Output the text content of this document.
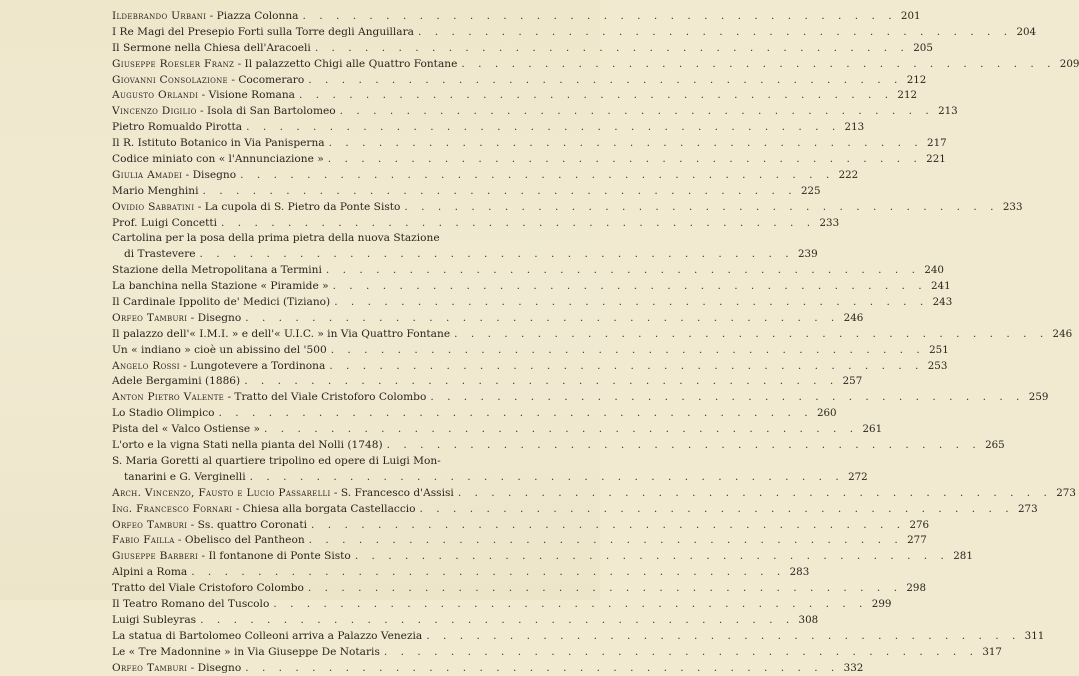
Ildebrando Urbani - Piazza Colonna . . . . . . . . . . . . . . . . . . . . . . . . . . . . . . . . . . . . 201
I Re Magi del Presepio Forti sulla Torre degli Anguillara . . . . . . . . . . . . . . . . . . . . . . . . . . . . . . . . . . . . 204
Il Sermone nella Chiesa dell'Aracoeli . . . . . . . . . . . . . . . . . . . . . . . . . . . . . . . . . . . . 205
Giuseppe Roesler Franz - Il palazzetto Chigi alle Quattro Fontane . . . . . . . . . . . . . . . . . . . . . . . . . . . . . . . . . . . . 209
Giovanni Consolazione - Cocomeraro . . . . . . . . . . . . . . . . . . . . . . . . . . . . . . . . . . . . 212
Augusto Orlandi - Visione Romana . . . . . . . . . . . . . . . . . . . . . . . . . . . . . . . . . . . . 212
Vincenzo Digilio - Isola di San Bartolomeo . . . . . . . . . . . . . . . . . . . . . . . . . . . . . . . . . . . . 213
Pietro Romualdo Pirotta . . . . . . . . . . . . . . . . . . . . . . . . . . . . . . . . . . . . 213
Il R. Istituto Botanico in Via Panisperna . . . . . . . . . . . . . . . . . . . . . . . . . . . . . . . . . . . . 217
Codice miniato con « l'Annunciazione » . . . . . . . . . . . . . . . . . . . . . . . . . . . . . . . . . . . . 221
Giulia Amadei - Disegno . . . . . . . . . . . . . . . . . . . . . . . . . . . . . . . . . . . . 222
Mario Menghini . . . . . . . . . . . . . . . . . . . . . . . . . . . . . . . . . . . . 225
Ovidio Sabbatini - La cupola di S. Pietro da Ponte Sisto . . . . . . . . . . . . . . . . . . . . . . . . . . . . . . . . . . . . 233
Prof. Luigi Concetti . . . . . . . . . . . . . . . . . . . . . . . . . . . . . . . . . . . . 233
Cartolina per la posa della prima pietra della nuova Stazione
di Trastevere . . . . . . . . . . . . . . . . . . . . . . . . . . . . . . . . . . . . 239
Stazione della Metropolitana a Termini . . . . . . . . . . . . . . . . . . . . . . . . . . . . . . . . . . . . 240
La banchina nella Stazione « Piramide » . . . . . . . . . . . . . . . . . . . . . . . . . . . . . . . . . . . . 241
Il Cardinale Ippolito de' Medici (Tiziano) . . . . . . . . . . . . . . . . . . . . . . . . . . . . . . . . . . . . 243
Orfeo Tamburi - Disegno . . . . . . . . . . . . . . . . . . . . . . . . . . . . . . . . . . . . 246
Il palazzo dell'« I.M.I. » e dell'« U.I.C. » in Via Quattro Fontane . . . . . . . . . . . . . . . . . . . . . . . . . . . . . . . . . . . . 246
Un « indiano » cioè un abissino del '500 . . . . . . . . . . . . . . . . . . . . . . . . . . . . . . . . . . . . 251
Angelo Rossi - Lungotevere a Tordinona . . . . . . . . . . . . . . . . . . . . . . . . . . . . . . . . . . . . 253
Adele Bergamini (1886) . . . . . . . . . . . . . . . . . . . . . . . . . . . . . . . . . . . . 257
Anton Pietro Valente - Tratto del Viale Cristoforo Colombo . . . . . . . . . . . . . . . . . . . . . . . . . . . . . . . . . . . . 259
Lo Stadio Olimpico . . . . . . . . . . . . . . . . . . . . . . . . . . . . . . . . . . . . 260
Pista del « Valco Ostiense » . . . . . . . . . . . . . . . . . . . . . . . . . . . . . . . . . . . . 261
L'orto e la vigna Stati nella pianta del Nolli (1748) . . . . . . . . . . . . . . . . . . . . . . . . . . . . . . . . . . . . 265
S. Maria Goretti al quartiere tripolino ed opere di Luigi Mon-
tanarini e G. Verginelli . . . . . . . . . . . . . . . . . . . . . . . . . . . . . . . . . . . . 272
Arch. Vincenzo, Fausto e Lucio Passarelli - S. Francesco d'Assisi . . . . . . . . . . . . . . . . . . . . . . . . . . . . . . . . . . . . 273
Ing. Francesco Fornari - Chiesa alla borgata Castellaccio . . . . . . . . . . . . . . . . . . . . . . . . . . . . . . . . . . . . 273
Orfeo Tamburi - Ss. quattro Coronati . . . . . . . . . . . . . . . . . . . . . . . . . . . . . . . . . . . . 276
Fabio Failla - Obelisco del Pantheon . . . . . . . . . . . . . . . . . . . . . . . . . . . . . . . . . . . . 277
Giuseppe Barberi - Il fontanone di Ponte Sisto . . . . . . . . . . . . . . . . . . . . . . . . . . . . . . . . . . . . 281
Alpini a Roma . . . . . . . . . . . . . . . . . . . . . . . . . . . . . . . . . . . . 283
Tratto del Viale Cristoforo Colombo . . . . . . . . . . . . . . . . . . . . . . . . . . . . . . . . . . . . 298
Il Teatro Romano del Tuscolo . . . . . . . . . . . . . . . . . . . . . . . . . . . . . . . . . . . . 299
Luigi Subleyras . . . . . . . . . . . . . . . . . . . . . . . . . . . . . . . . . . . . 308
La statua di Bartolomeo Colleoni arriva a Palazzo Venezia . . . . . . . . . . . . . . . . . . . . . . . . . . . . . . . . . . . . 311
Le « Tre Madonnine » in Via Giuseppe De Notaris . . . . . . . . . . . . . . . . . . . . . . . . . . . . . . . . . . . . 317
Orfeo Tamburi - Disegno . . . . . . . . . . . . . . . . . . . . . . . . . . . . . . . . . . . . 332
